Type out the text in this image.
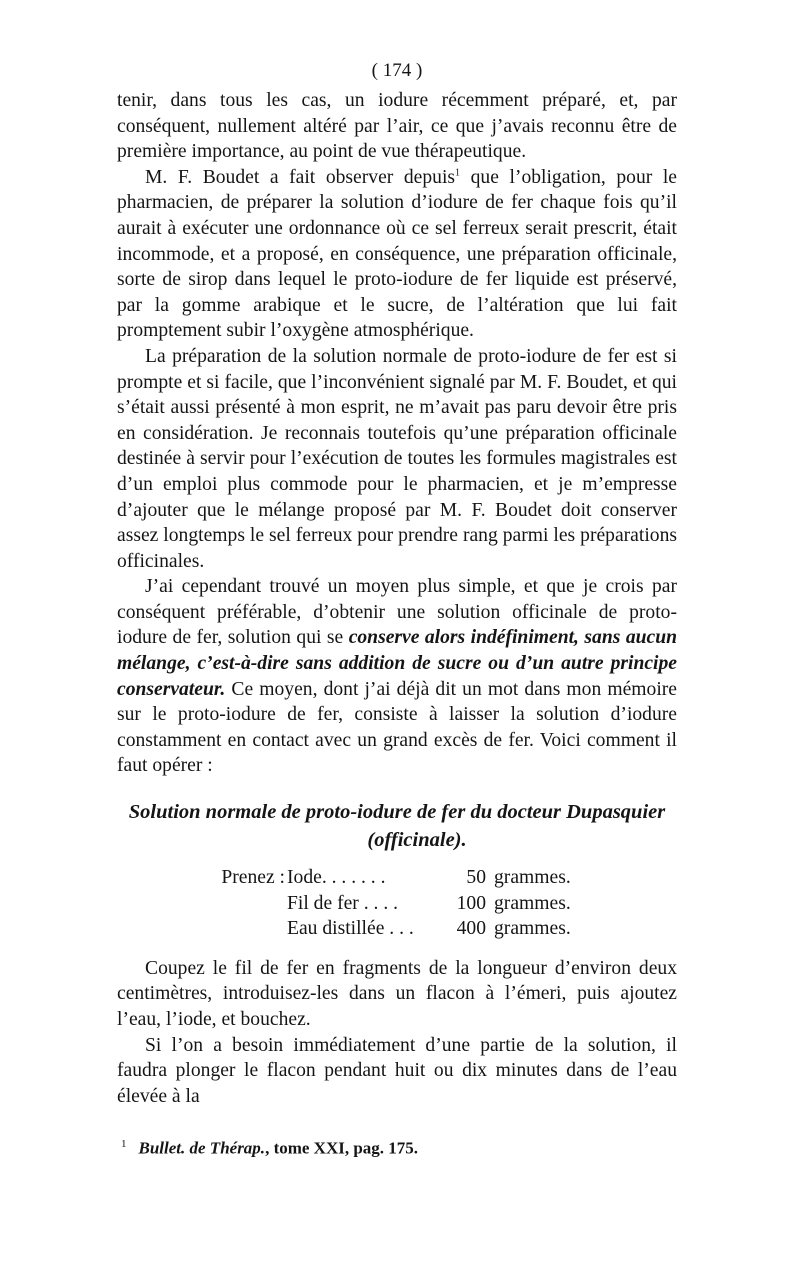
( 174 )

tenir, dans tous les cas, un iodure récemment préparé, et, par conséquent, nullement altéré par l’air, ce que j’avais reconnu être de première importance, au point de vue thérapeutique.

M. F. Boudet a fait observer depuis$^1$ que l’obligation, pour le pharmacien, de préparer la solution d’iodure de fer chaque fois qu’il aurait à exécuter une ordonnance où ce sel ferreux serait prescrit, était incommode, et a proposé, en conséquence, une préparation officinale, sorte de sirop dans lequel le proto-iodure de fer liquide est préservé, par la gomme arabique et le sucre, de l’altération que lui fait promptement subir l’oxygène atmosphérique.

La préparation de la solution normale de proto-iodure de fer est si prompte et si facile, que l’inconvénient signalé par M. F. Boudet, et qui s’était aussi présenté à mon esprit, ne m’avait pas paru devoir être pris en considération. Je reconnais toutefois qu’une préparation officinale destinée à servir pour l’exécution de toutes les formules magistrales est d’un emploi plus commode pour le pharmacien, et je m’empresse d’ajouter que le mélange proposé par M. F. Boudet doit conserver assez longtemps le sel ferreux pour prendre rang parmi les préparations officinales.

J’ai cependant trouvé un moyen plus simple, et que je crois par conséquent préférable, d’obtenir une solution officinale de proto-iodure de fer, solution qui se conserve alors indéfiniment, sans aucun mélange, c’est-à-dire sans addition de sucre ou d’un autre principe conservateur. Ce moyen, dont j’ai déjà dit un mot dans mon mémoire sur le proto-iodure de fer, consiste à laisser la solution d’iodure constamment en contact avec un grand excès de fer. Voici comment il faut opérer :

Solution normale de proto-iodure de fer du docteur Dupasquier
(officinale).
Prenez : Iode. . . . . . .	50 grammes.
Fil de fer . . . .	100 grammes.
Eau distillée . . .	400 grammes.

Coupez le fil de fer en fragments de la longueur d’environ deux centimètres, introduisez-les dans un flacon à l’émeri, puis ajoutez l’eau, l’iode, et bouchez.

Si l’on a besoin immédiatement d’une partie de la solution, il faudra plonger le flacon pendant huit ou dix minutes dans de l’eau élevée à la

$^1$ Bullet. de Thérap., tome XXI, pag. 175.
